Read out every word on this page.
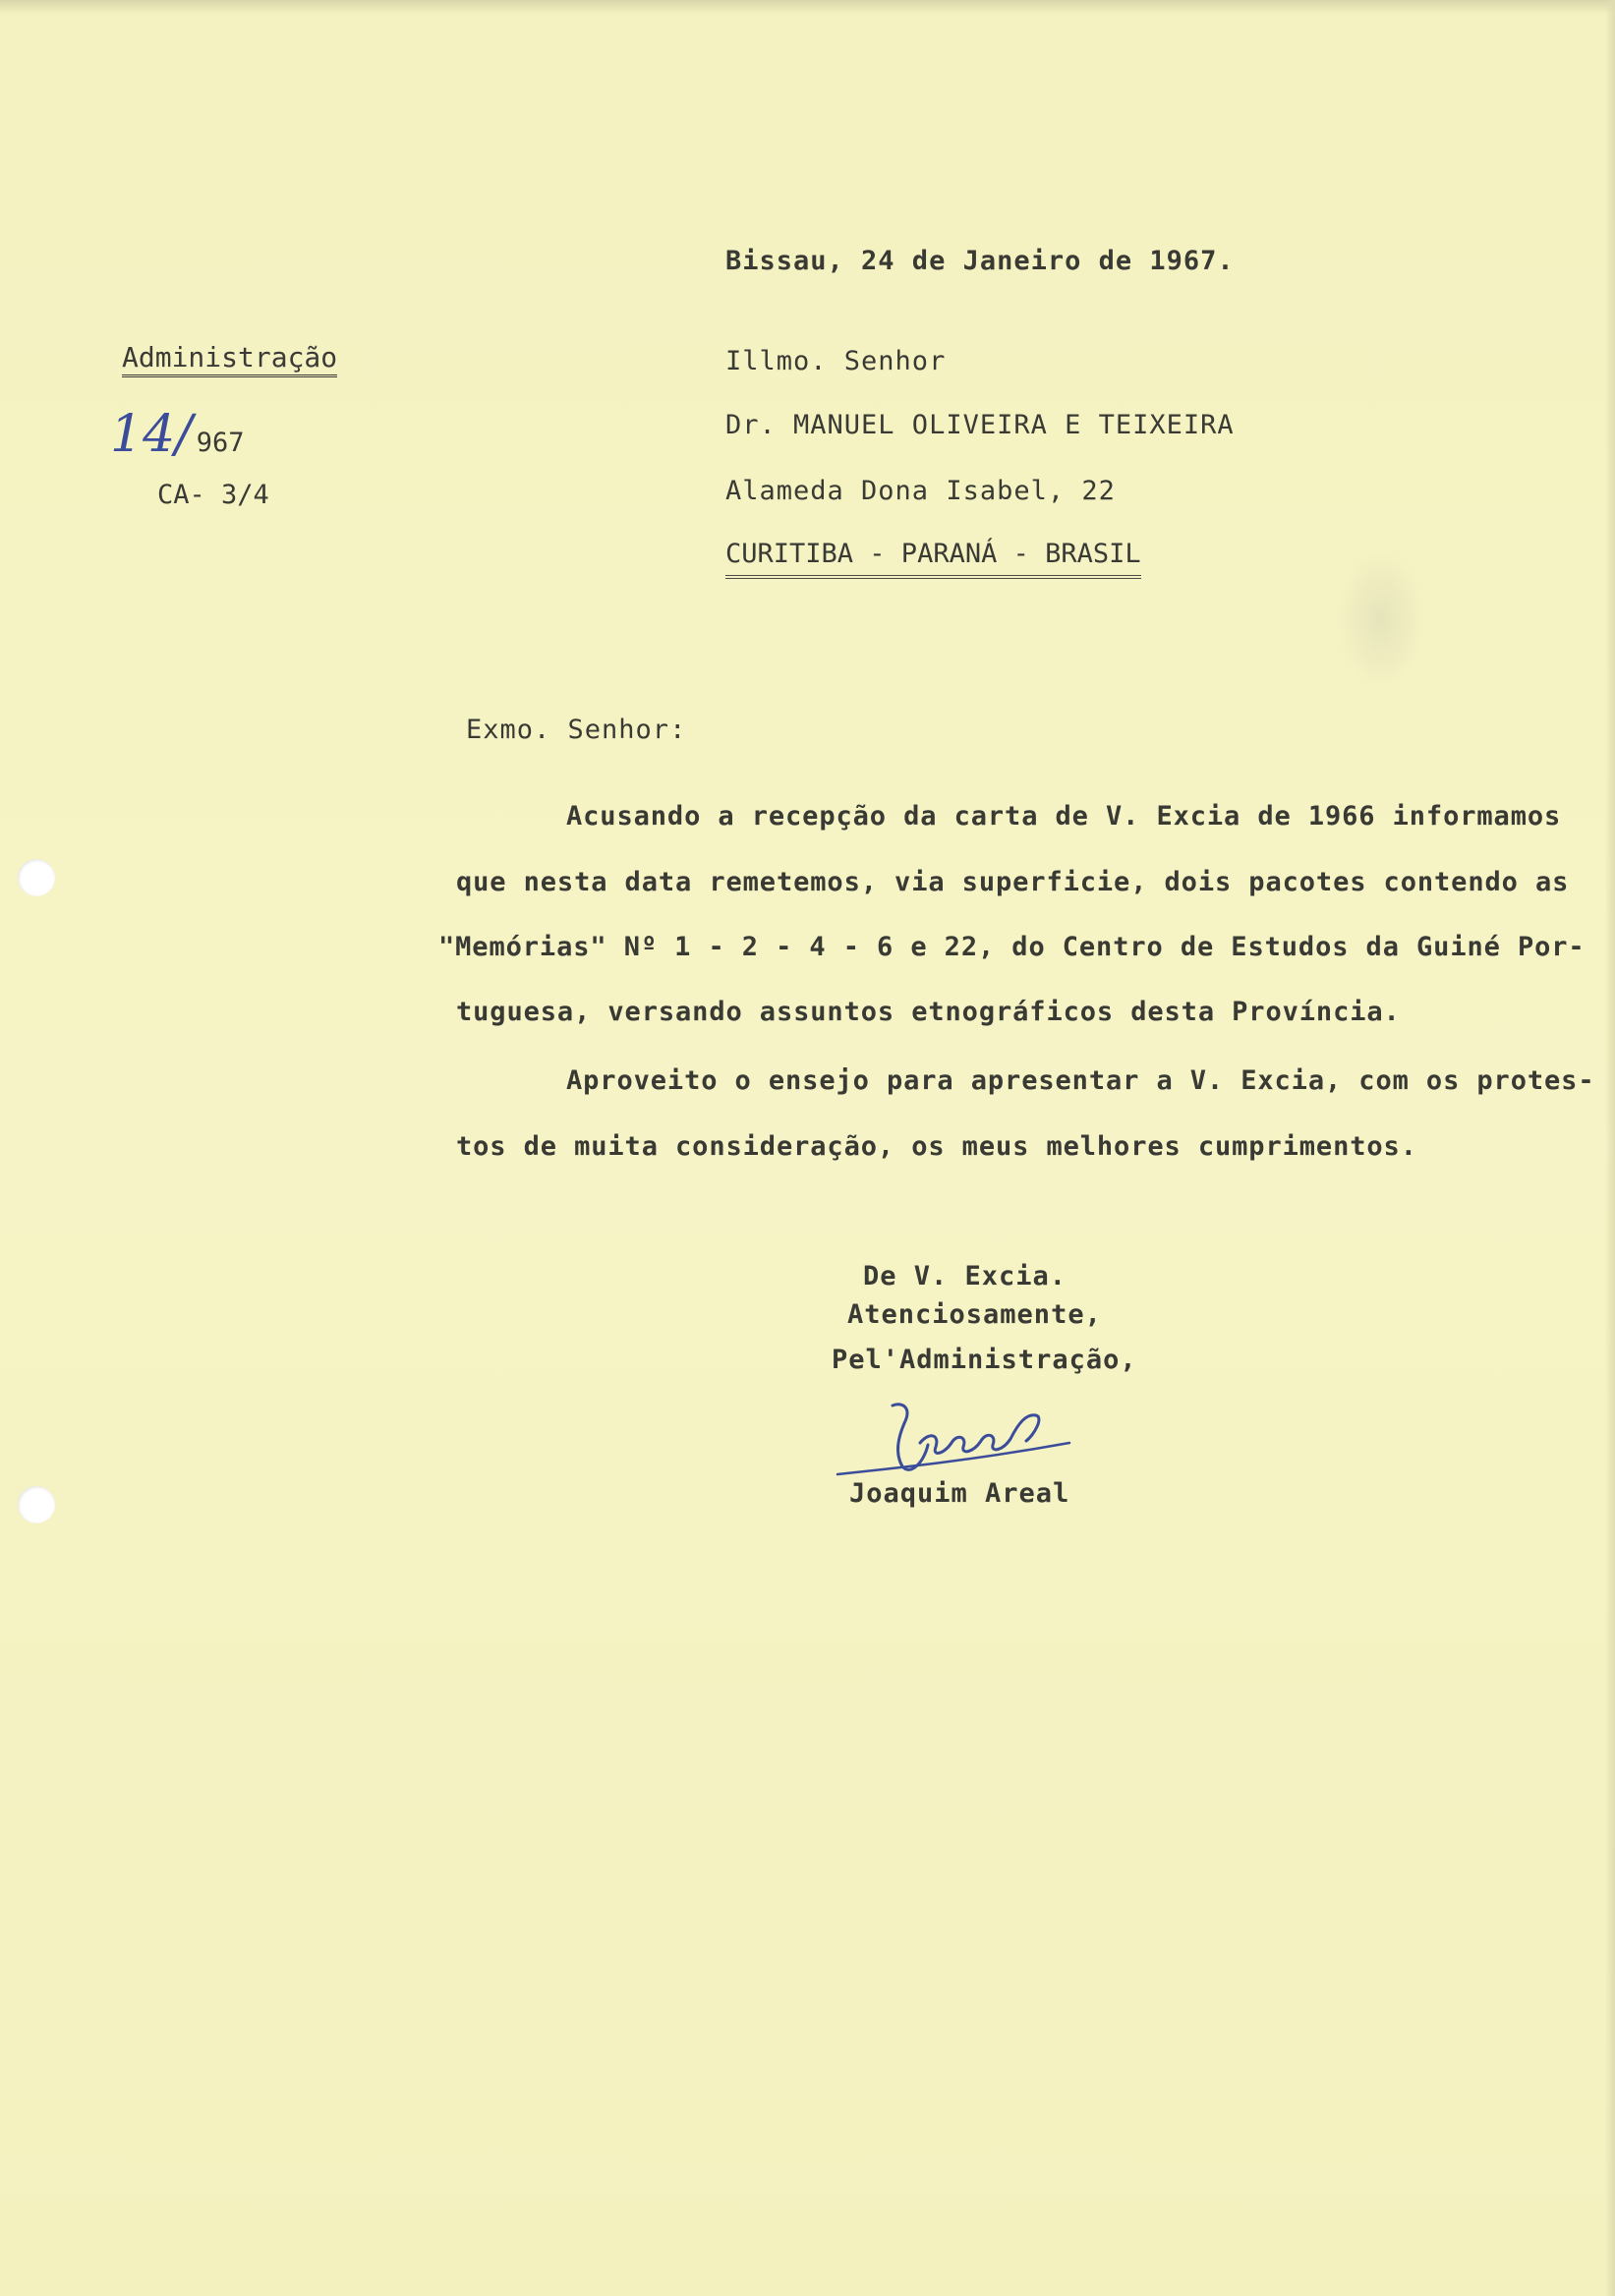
Administração
14/ 967
CA- 3/4
Bissau, 24 de Janeiro de 1967.
Illmo. Senhor
Dr. MANUEL OLIVEIRA E TEIXEIRA
Alameda Dona Isabel, 22
CURITIBA - PARANÁ - BRASIL
Exmo. Senhor:
Acusando a recepção da carta de V. Excia de 1966 informamos
que nesta data remetemos, via superficie, dois pacotes contendo as
"Memórias" Nº 1 - 2 - 4 - 6 e 22, do Centro de Estudos da Guiné Por-
tuguesa, versando assuntos etnográficos desta Província.
Aproveito o ensejo para apresentar a V. Excia, com os protes-
tos de muita consideração, os meus melhores cumprimentos.
De V. Excia.
Atenciosamente,
Pel'Administração,
Joaquim Areal
